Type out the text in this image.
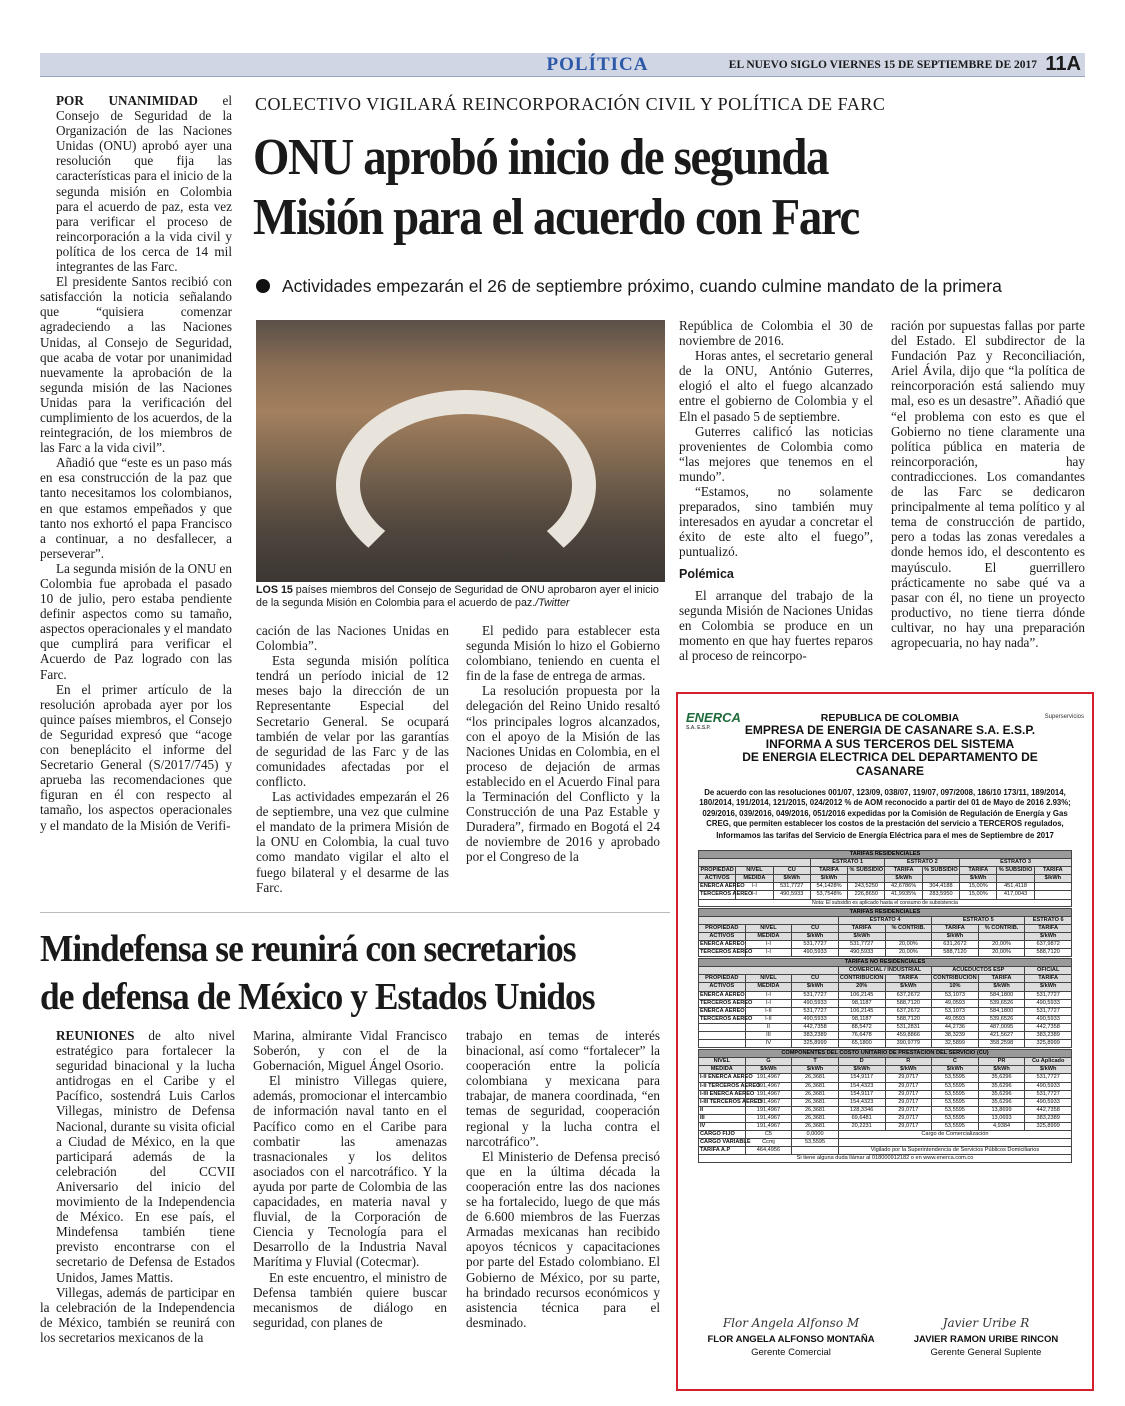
POLÍTICA	EL NUEVO SIGLO VIERNES 15 DE SEPTIEMBRE DE 2017 11A
COLECTIVO VIGILARÁ REINCORPORACIÓN CIVIL Y POLÍTICA DE FARC
ONU aprobó inicio de segunda
Misión para el acuerdo con Farc
Actividades empezarán el 26 de septiembre próximo, cuando culmine mandato de la primera

POR UNANIMIDAD el Consejo de Seguridad de la Organización de las Naciones Unidas (ONU) aprobó ayer una resolución que fija las características para el inicio de la segunda misión en Colombia para el acuerdo de paz, esta vez para verificar el proceso de reincorporación a la vida civil y política de los cerca de 14 mil integrantes de las Farc.

El presidente Santos recibió con satisfacción la noticia señalando que “quisiera comenzar agradeciendo a las Naciones Unidas, al Consejo de Seguridad, que acaba de votar por unanimidad nuevamente la aprobación de la segunda misión de las Naciones Unidas para la verificación del cumplimiento de los acuerdos, de la reintegración, de los miembros de las Farc a la vida civil”.

Añadió que “este es un paso más en esa construcción de la paz que tanto necesitamos los colombianos, en que estamos empeñados y que tanto nos exhortó el papa Francisco a continuar, a no desfallecer, a perseverar”.

La segunda misión de la ONU en Colombia fue aprobada el pasado 10 de julio, pero estaba pendiente definir aspectos como su tamaño, aspectos operacionales y el mandato que cumplirá para verificar el Acuerdo de Paz logrado con las Farc.

En el primer artículo de la resolución aprobada ayer por los quince países miembros, el Consejo de Seguridad expresó que “acoge con beneplácito el informe del Secretario General (S/2017/745) y aprueba las recomendaciones que figuran en él con respecto al tamaño, los aspectos operacionales y el mandato de la Misión de Verifi-

LOS 15 países miembros del Consejo de Seguridad de ONU aprobaron ayer el inicio de la segunda Misión en Colombia para el acuerdo de paz./Twitter

cación de las Naciones Unidas en Colombia”.

Esta segunda misión política tendrá un período inicial de 12 meses bajo la dirección de un Representante Especial del Secretario General. Se ocupará también de velar por las garantías de seguridad de las Farc y de las comunidades afectadas por el conflicto.

Las actividades empezarán el 26 de septiembre, una vez que culmine el mandato de la primera Misión de la ONU en Colombia, la cual tuvo como mandato vigilar el alto el fuego bilateral y el desarme de las Farc.

El pedido para establecer esta segunda Misión lo hizo el Gobierno colombiano, teniendo en cuenta el fin de la fase de entrega de armas.

La resolución propuesta por la delegación del Reino Unido resaltó “los principales logros alcanzados, con el apoyo de la Misión de las Naciones Unidas en Colombia, en el proceso de dejación de armas establecido en el Acuerdo Final para la Terminación del Conflicto y la Construcción de una Paz Estable y Duradera”, firmado en Bogotá el 24 de noviembre de 2016 y aprobado por el Congreso de la

República de Colombia el 30 de noviembre de 2016.

Horas antes, el secretario general de la ONU, António Guterres, elogió el alto el fuego alcanzado entre el gobierno de Colombia y el Eln el pasado 5 de septiembre.

Guterres calificó las noticias provenientes de Colombia como “las mejores que tenemos en el mundo”.

“Estamos, no solamente preparados, sino también muy interesados en ayudar a concretar el éxito de este alto el fuego”, puntualizó.

Polémica

El arranque del trabajo de la segunda Misión de Naciones Unidas en Colombia se produce en un momento en que hay fuertes reparos al proceso de reincorpo-

ración por supuestas fallas por parte del Estado. El subdirector de la Fundación Paz y Reconciliación, Ariel Ávila, dijo que “la política de reincorporación está saliendo muy mal, eso es un desastre”. Añadió que “el problema con esto es que el Gobierno no tiene claramente una política pública en materia de reincorporación, hay contradicciones. Los comandantes de las Farc se dedicaron principalmente al tema político y al tema de construcción de partido, pero a todas las zonas veredales a donde hemos ido, el descontento es mayúsculo. El guerrillero prácticamente no sabe qué va a pasar con él, no tiene un proyecto productivo, no tiene tierra dónde cultivar, no hay una preparación agropecuaria, no hay nada”.

Mindefensa se reunirá con secretarios
de defensa de México y Estados Unidos

REUNIONES de alto nivel estratégico para fortalecer la seguridad binacional y la lucha antidrogas en el Caribe y el Pacífico, sostendrá Luis Carlos Villegas, ministro de Defensa Nacional, durante su visita oficial a Ciudad de México, en la que participará además de la celebración del CCVII Aniversario del inicio del movimiento de la Independencia de México. En ese país, el Mindefensa también tiene previsto encontrarse con el secretario de Defensa de Estados Unidos, James Mattis.

Villegas, además de participar en la celebración de la Independencia de México, también se reunirá con los secretarios mexicanos de la

Marina, almirante Vidal Francisco Soberón, y con el de la Gobernación, Miguel Ángel Osorio.

El ministro Villegas quiere, además, promocionar el intercambio de información naval tanto en el Pacífico como en el Caribe para combatir las amenazas trasnacionales y los delitos asociados con el narcotráfico. Y la ayuda por parte de Colombia de las capacidades, en materia naval y fluvial, de la Corporación de Ciencia y Tecnología para el Desarrollo de la Industria Naval Marítima y Fluvial (Cotecmar).

En este encuentro, el ministro de Defensa también quiere buscar mecanismos de diálogo en seguridad, con planes de

trabajo en temas de interés binacional, así como “fortalecer” la cooperación entre la policía colombiana y mexicana para trabajar, de manera coordinada, “en temas de seguridad, cooperación regional y la lucha contra el narcotráfico”.

El Ministerio de Defensa precisó que en la última década la cooperación entre las dos naciones se ha fortalecido, luego de que más de 6.600 miembros de las Fuerzas Armadas mexicanas han recibido apoyos técnicos y capacitaciones por parte del Estado colombiano. El Gobierno de México, por su parte, ha brindado recursos económicos y asistencia técnica para el desminado.

ENERCA
S.A. E.S.P.
Superservicios
REPUBLICA DE COLOMBIA
EMPRESA DE ENERGIA DE CASANARE S.A. E.S.P.
INFORMA A SUS TERCEROS DEL SISTEMA
DE ENERGIA ELECTRICA DEL DEPARTAMENTO DE CASANARE
De acuerdo con las resoluciones 001/07, 123/09, 038/07, 119/07, 097/2008, 186/10 173/11, 189/2014, 180/2014, 191/2014, 121/2015, 024/2012 % de AOM reconocido a partir del 01 de Mayo de 2016 2.93%; 029/2016, 039/2016, 049/2016, 051/2016 expedidas por la Comisión de Regulación de Energía y Gas CREG, que permiten establecer los costos de la prestación del servicio a TERCEROS regulados,
Informamos las tarifas del Servicio de Energía Eléctrica para el mes de Septiembre de 2017
TARIFAS RESIDENCIALES									
			ESTRATO 1		ESTRATO 2		ESTRATO 3		
PROPIEDAD	NIVEL	CU	TARIFA	% SUBSIDIO	TARIFA	% SUBSIDIO	TARIFA	% SUBSIDIO	TARIFA
ACTIVOS	MEDIDA	$/kWh	$/kWh		$/kWh		$/kWh		$/kWh
ENERCA AEREO	I-I	531,7727	54,1428%	243,5250	42,6786%	304,4188	15,00%	451,4118	
TERCEROS AEREO	I-I	490,5933	53,7548%	226,8650	41,9935%	283,5950	15,00%	417,0043	
Nota: El subsidio es aplicado hasta el consumo de subsistencia
TARIFAS RESIDENCIALES							
			ESTRATO 4		ESTRATO 5		ESTRATO 6
PROPIEDAD	NIVEL	CU	TARIFA	% CONTRIB.	TARIFA	% CONTRIB.	TARIFA
ACTIVOS	MEDIDA	$/kWh	$/kWh		$/kWh		$/kWh
ENERCA AEREO	I-I	531,7727	531,7727	20,00%	631,2672	20,00%	637,9872
TERCEROS AEREO	I-I	490,5933	490,5933	20,00%	588,7120	20,00%	588,7120
TARIFAS NO RESIDENCIALES							
			COMERCIAL / INDUSTRIAL		ACUEDUCTOS ESP		OFICIAL
PROPIEDAD	NIVEL	CU	CONTRIBUCION	TARIFA	CONTRIBUCION	TARIFA	TARIFA
ACTIVOS	MEDIDA	$/kWh	20%	$/kWh	10%	$/kWh	$/kWh
ENERCA AEREO	I-I	531,7727	106,2145	637,2672	53,1073	584,1800	531,7727
TERCEROS AEREO	I-I	490,5933	98,1187	588,7120	49,0593	539,6526	490,5933
ENERCA AEREO	I-II	531,7727	106,2145	637,2672	53,1073	584,1800	531,7727
TERCEROS AEREO	I-II	490,5933	98,1187	588,7120	49,0593	539,6526	490,5933
	II	442,7358	88,5472	531,2831	44,2736	487,0095	442,7358
	III	383,2389	76,6478	459,8866	38,3239	421,5627	383,2389
	IV	325,8999	65,1800	390,9779	32,5899	358,2598	325,8999
COMPONENTES DEL COSTO UNITARIO DE PRESTACION DEL SERVICIO (CU)							
NIVEL	G	T	D	R	C	PR	Cu Aplicado
MEDIDA	$/kWh	$/kWh	$/kWh	$/kWh	$/kWh	$/kWh	$/kWh
I-II ENERCA AEREO	191,4967	26,3681	154,9117	29,0717	53,5595	35,6296	531,7727
I-II TERCEROS AEREO	191,4967	26,3681	154,4323	29,0717	53,5595	35,6296	490,5933
I-III ENERCA AEREO	191,4967	26,3681	154,9117	29,0717	53,5595	35,6296	531,7727
I-III TERCEROS AEREO	191,4967	26,3681	154,4323	29,0717	53,5595	35,6296	490,5933
II	191,4967	26,3681	128,3346	29,0717	53,5595	13,8699	442,7358
III	191,4967	26,3681	69,6481	29,0717	53,5595	13,0693	383,2389
IV	191,4967	26,3681	20,2231	29,0717	53,5595	4,9384	325,8999
CARGO FIJO	C5	0,0000	Cargo de Comercialización				
CARGO VARIABLE	Ccmj	53,5595					
TARIFA A.P	464,4956		Vigilado por la Superintendencia de Servicios Públicos Domiciliarios				
Si tiene alguna duda llámar al 018000912182 o en www.enerca.com.co							
Flor Angela Alfonso M
FLOR ANGELA ALFONSO MONTAÑA
Gerente Comercial
Javier Uribe R
JAVIER RAMON URIBE RINCON
Gerente General Suplente
